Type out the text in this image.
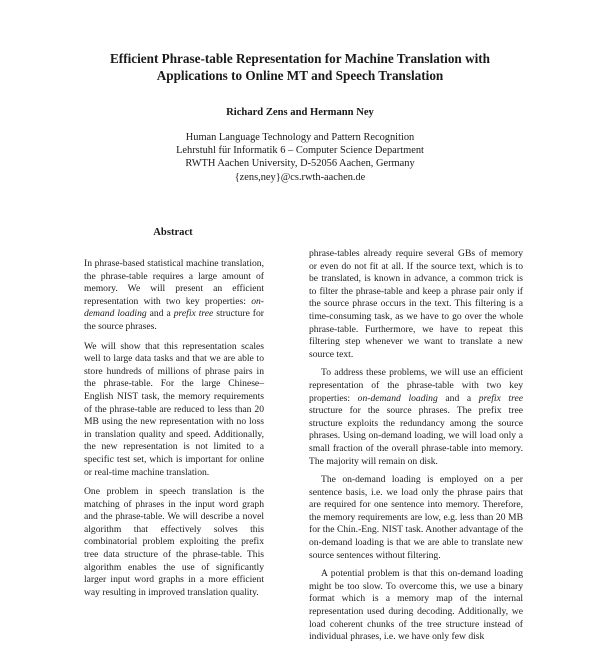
Efficient Phrase-table Representation for Machine Translation with
Applications to Online MT and Speech Translation

Richard Zens and Hermann Ney

Human Language Technology and Pattern Recognition
Lehrstuhl für Informatik 6 – Computer Science Department
RWTH Aachen University, D-52056 Aachen, Germany
{zens,ney}@cs.rwth-aachen.de
Abstract

In phrase-based statistical machine translation, the phrase-table requires a large amount of memory. We will present an efficient representation with two key properties: on-demand loading and a prefix tree structure for the source phrases.

We will show that this representation scales well to large data tasks and that we are able to store hundreds of millions of phrase pairs in the phrase-table. For the large Chinese–English NIST task, the memory requirements of the phrase-table are reduced to less than 20 MB using the new representation with no loss in translation quality and speed. Additionally, the new representation is not limited to a specific test set, which is important for online or real-time machine translation.

One problem in speech translation is the matching of phrases in the input word graph and the phrase-table. We will describe a novel algorithm that effectively solves this combinatorial problem exploiting the prefix tree data structure of the phrase-table. This algorithm enables the use of significantly larger input word graphs in a more efficient way resulting in improved translation quality.

phrase-tables already require several GBs of memory or even do not fit at all. If the source text, which is to be translated, is known in advance, a common trick is to filter the phrase-table and keep a phrase pair only if the source phrase occurs in the text. This filtering is a time-consuming task, as we have to go over the whole phrase-table. Furthermore, we have to repeat this filtering step whenever we want to translate a new source text.

To address these problems, we will use an efficient representation of the phrase-table with two key properties: on-demand loading and a prefix tree structure for the source phrases. The prefix tree structure exploits the redundancy among the source phrases. Using on-demand loading, we will load only a small fraction of the overall phrase-table into memory. The majority will remain on disk.

The on-demand loading is employed on a per sentence basis, i.e. we load only the phrase pairs that are required for one sentence into memory. Therefore, the memory requirements are low, e.g. less than 20 MB for the Chin.-Eng. NIST task. Another advantage of the on-demand loading is that we are able to translate new source sentences without filtering.

A potential problem is that this on-demand loading might be too slow. To overcome this, we use a binary format which is a memory map of the internal representation used during decoding. Additionally, we load coherent chunks of the tree structure instead of individual phrases, i.e. we have only few disk
